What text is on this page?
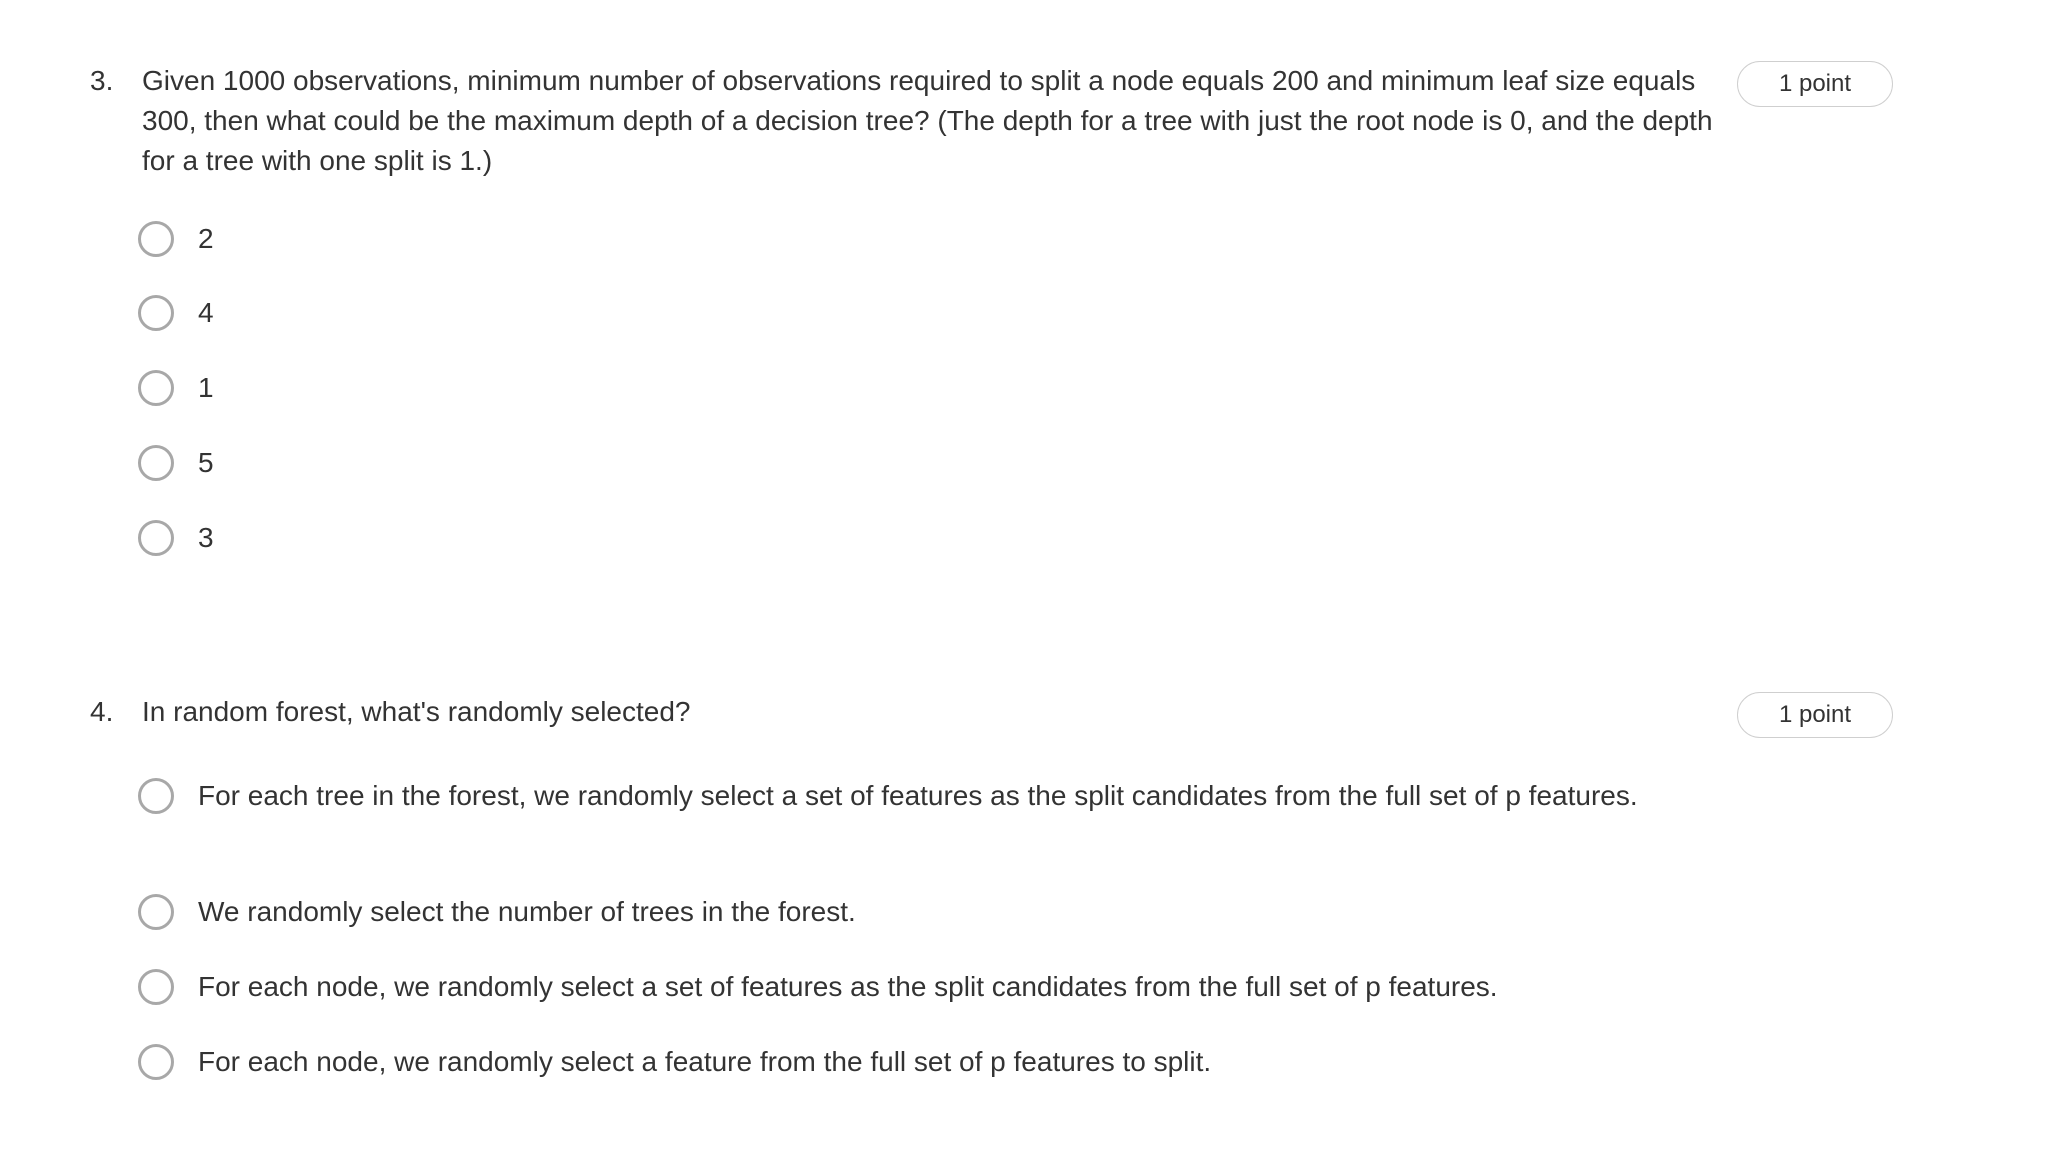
3. Given 1000 observations, minimum number of observations required to split a node equals 200 and minimum leaf size equals 300, then what could be the maximum depth of a decision tree? (The depth for a tree with just the root node is 0, and the depth for a tree with one split is 1.)
1 point
2
4
1
5
3
4. In random forest, what's randomly selected?	1 point
For each tree in the forest, we randomly select a set of features as the split candidates from the full set of p features.
We randomly select the number of trees in the forest.
For each node, we randomly select a set of features as the split candidates from the full set of p features.
For each node, we randomly select a feature from the full set of p features to split.
